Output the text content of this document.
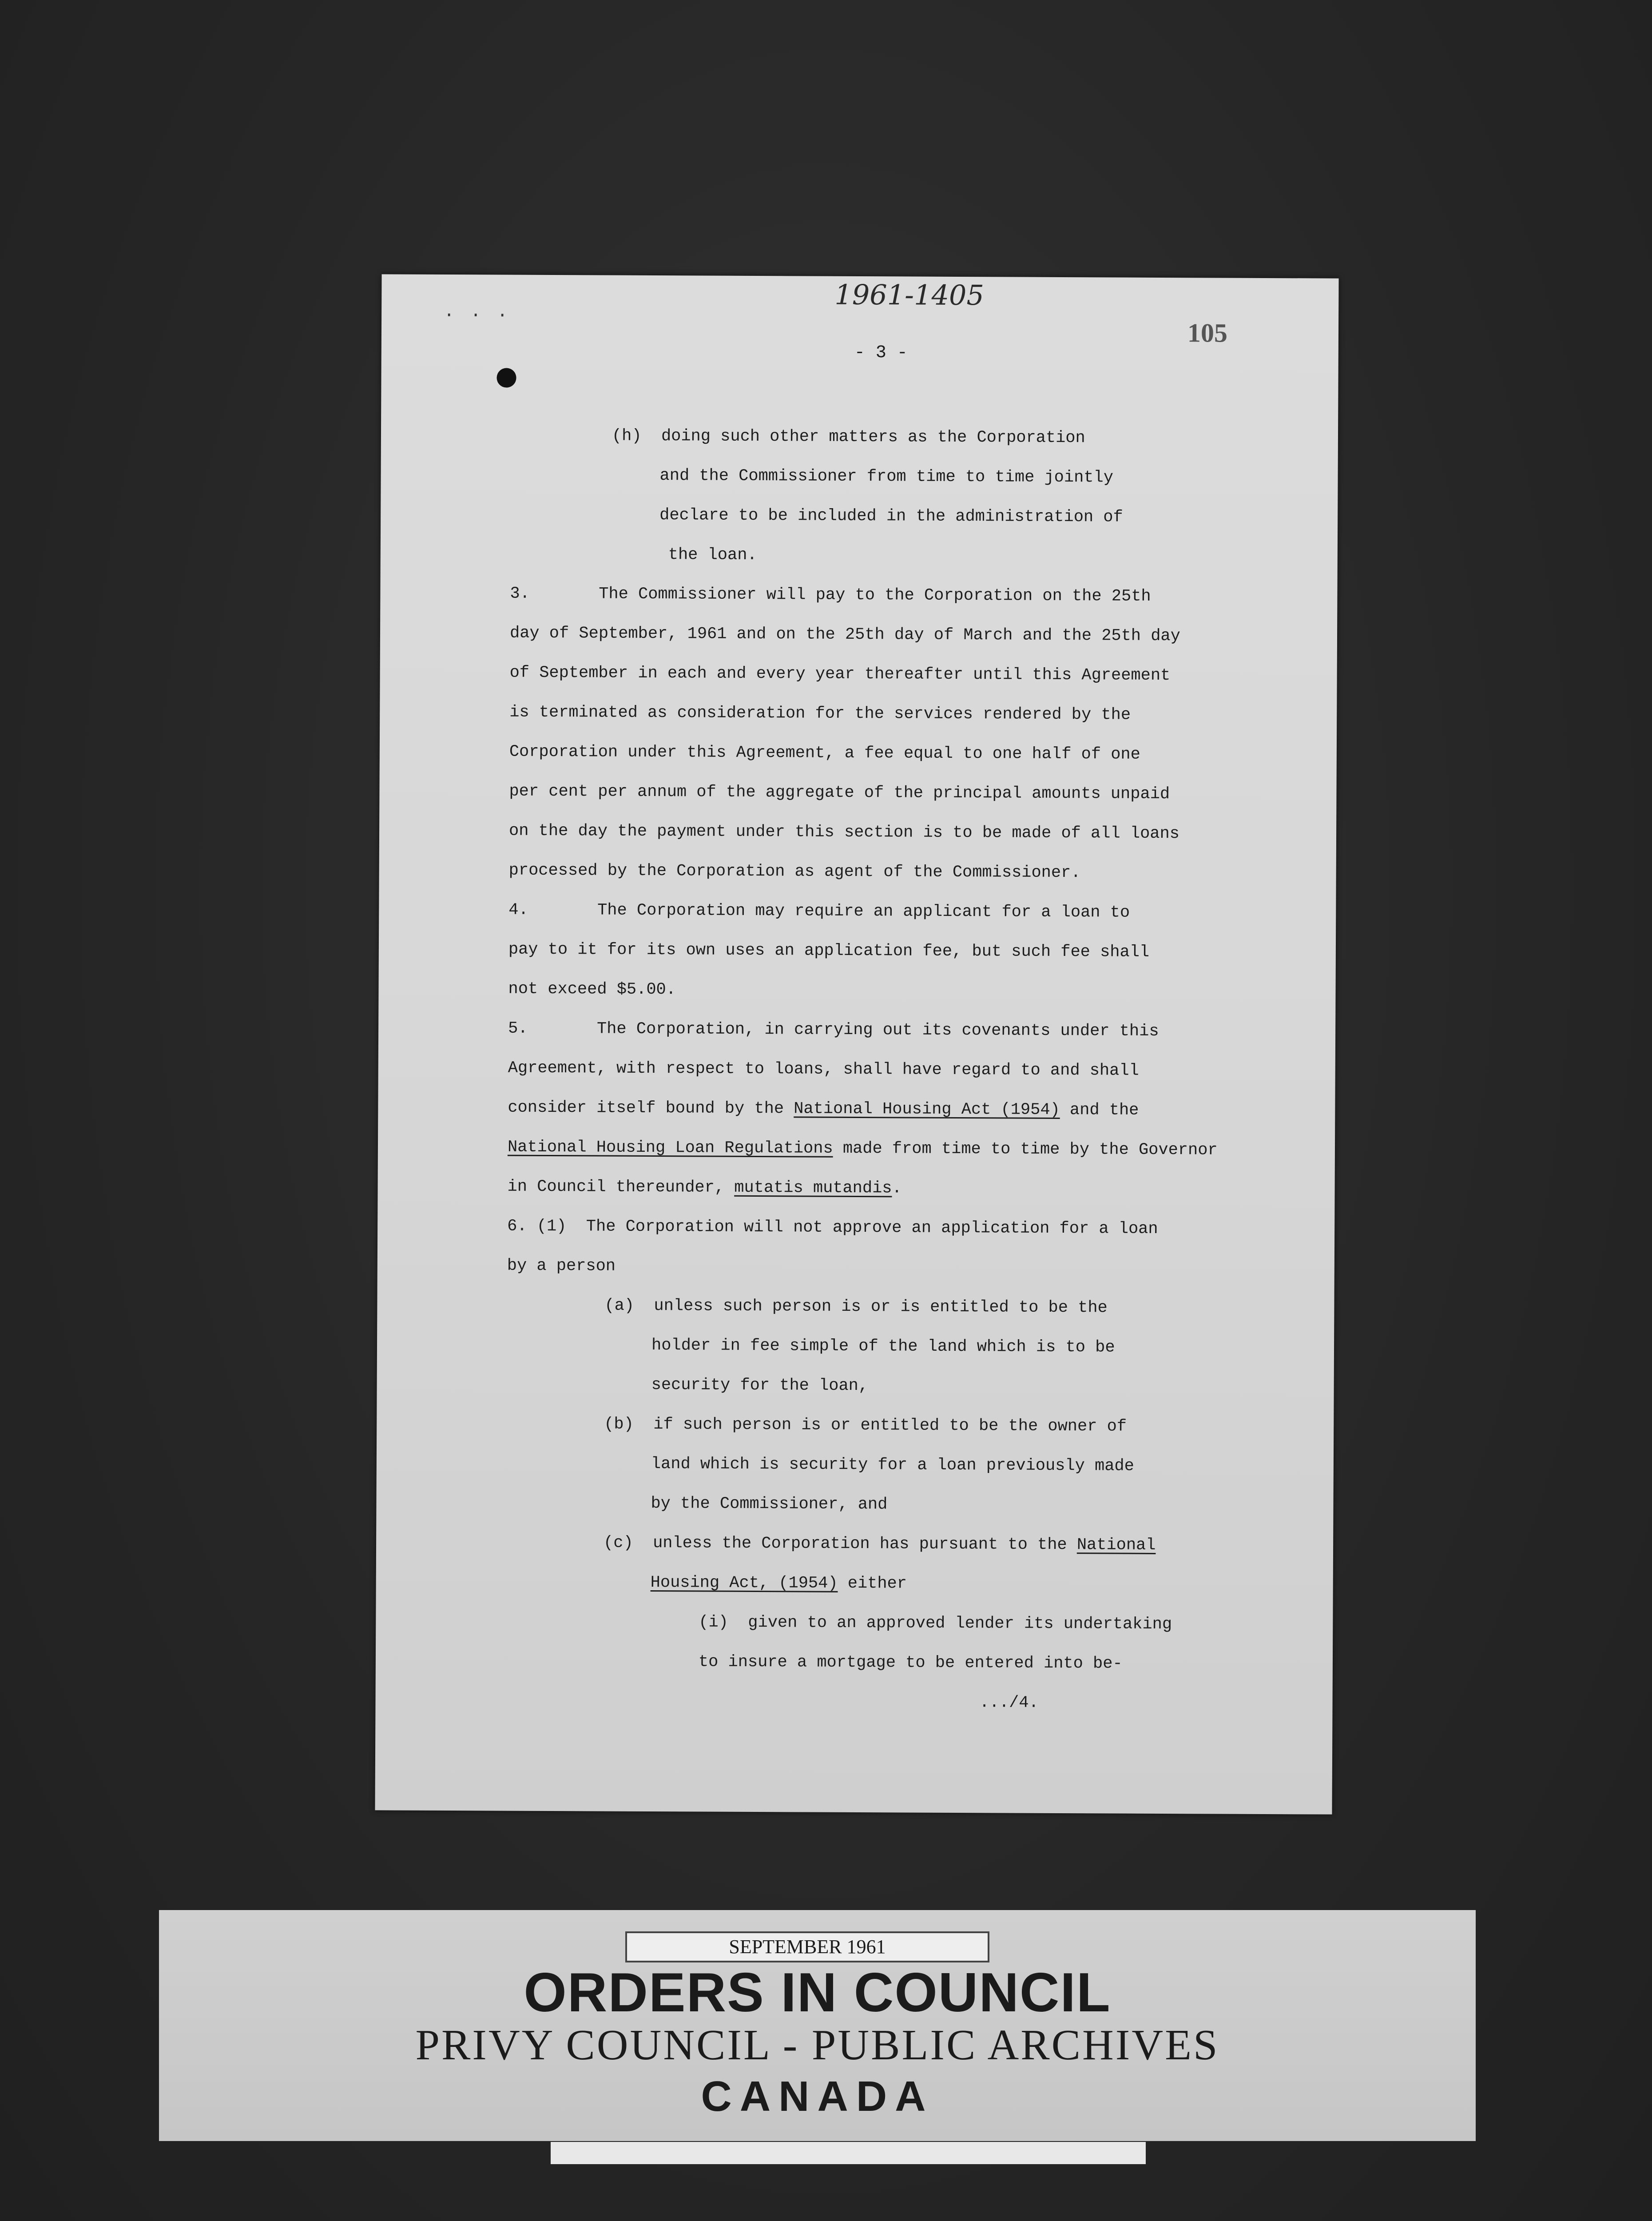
· · ·
1961-1405
105
- 3 -
(h)  doing such other matters as the Corporation
and the Commissioner from time to time jointly
declare to be included in the administration of
the loan.
3.       The Commissioner will pay to the Corporation on the 25th
day of September, 1961 and on the 25th day of March and the 25th day
of September in each and every year thereafter until this Agreement
is terminated as consideration for the services rendered by the
Corporation under this Agreement, a fee equal to one half of one
per cent per annum of the aggregate of the principal amounts unpaid
on the day the payment under this section is to be made of all loans
processed by the Corporation as agent of the Commissioner.
4.       The Corporation may require an applicant for a loan to
pay to it for its own uses an application fee, but such fee shall
not exceed $5.00.
5.       The Corporation, in carrying out its covenants under this
Agreement, with respect to loans, shall have regard to and shall
consider itself bound by the National Housing Act (1954) and the
National Housing Loan Regulations made from time to time by the Governor
in Council thereunder, mutatis mutandis.
6. (1)  The Corporation will not approve an application for a loan
by a person
(a)  unless such person is or is entitled to be the
holder in fee simple of the land which is to be
security for the loan,
(b)  if such person is or entitled to be the owner of
land which is security for a loan previously made
by the Commissioner, and
(c)  unless the Corporation has pursuant to the National
Housing Act, (1954) either
(i)  given to an approved lender its undertaking
to insure a mortgage to be entered into be-
.../4.
SEPTEMBER 1961
ORDERS IN COUNCIL
PRIVY COUNCIL - PUBLIC ARCHIVES
CANADA
